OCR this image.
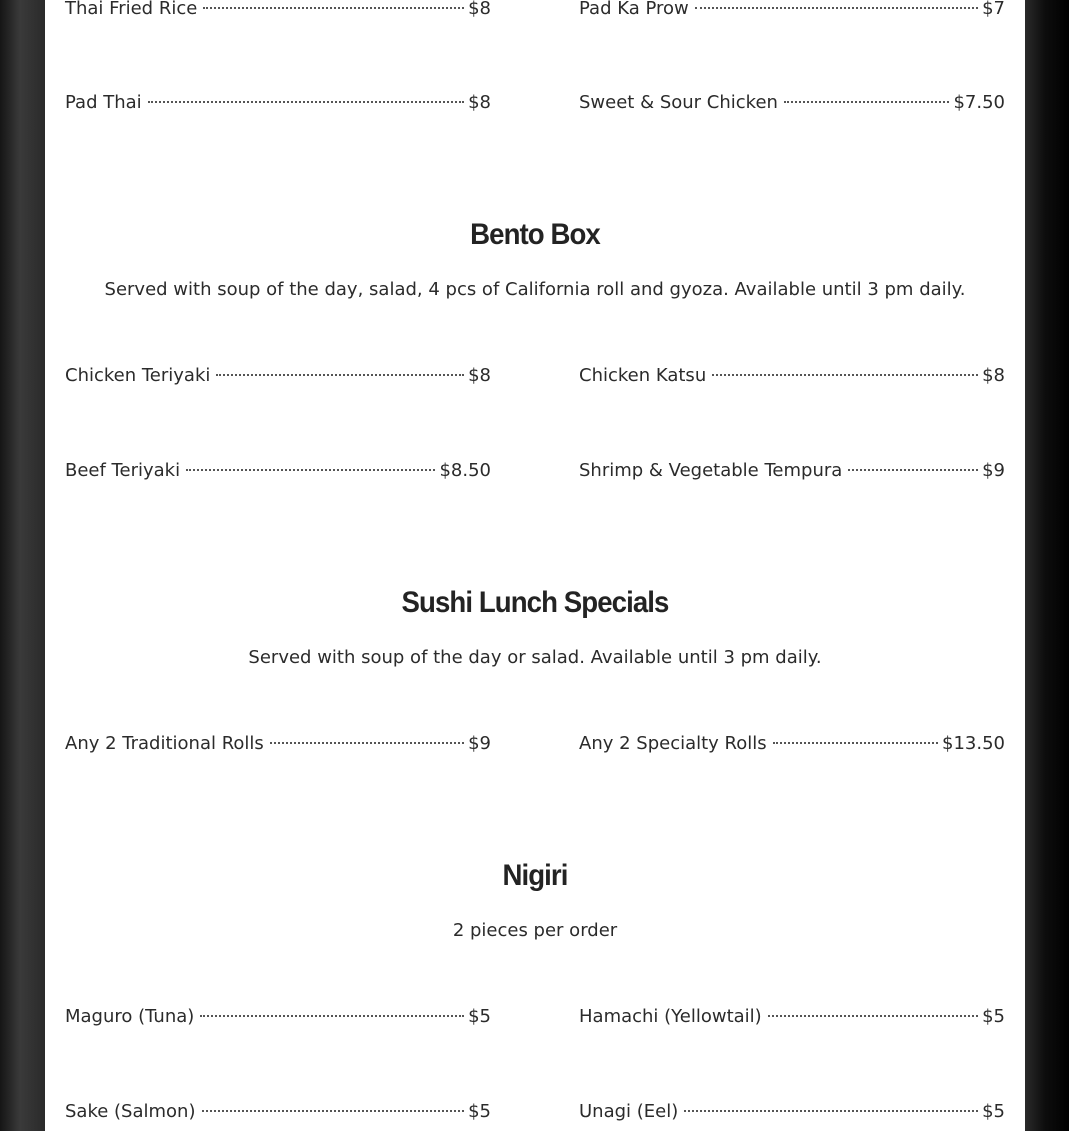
Thai Fried Rice	$8	Pad Ka Prow	$7
Pad Thai	$8	Sweet & Sour Chicken	$7.50
Bento Box
Served with soup of the day, salad, 4 pcs of California roll and gyoza. Available until 3 pm daily.
Chicken Teriyaki	$8	Chicken Katsu	$8
Beef Teriyaki	$8.50	Shrimp & Vegetable Tempura	$9
Sushi Lunch Specials
Served with soup of the day or salad. Available until 3 pm daily.
Any 2 Traditional Rolls	$9	Any 2 Specialty Rolls	$13.50
Nigiri
2 pieces per order
Maguro (Tuna)	$5	Hamachi (Yellowtail)	$5
Sake (Salmon)	$5	Unagi (Eel)	$5
